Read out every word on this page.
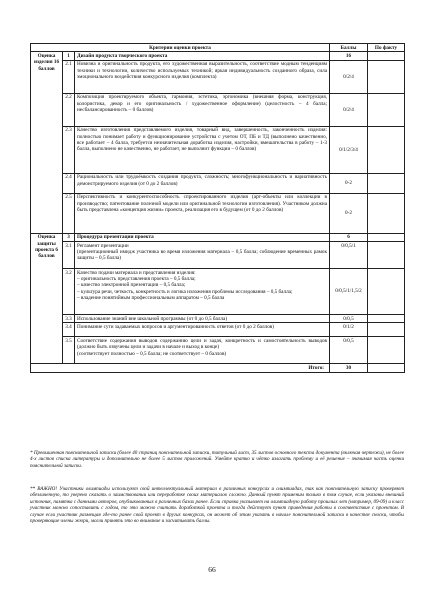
Критерии оценки проекта			Баллы	По факту
Оценка изделия 16 баллов	1	Дизайн продукта творческого проекта	16	
	2.1	Новизна и оригинальность продукта, его художественная выразительность, соответствие модным тенденциям техники и технологии, количество используемых техникой; яркая индивидуальность созданного образа, сила эмоционального воздействия конкурсного изделия (комплекта)	0/2/4	
	2.2	Композиция проектируемого объекта, гармония, эстетика, эргономика (внешняя форма, конструкция, колористика, декор и его оригинальность / художественное оформление) (целостность – 4 балла; несбалансированность – 0 баллов)	0/2/4	
	2.3	Качество изготовления представляемого изделия, товарный вид, завершенность, законченность изделия: полностью понимает работу и функционирование устройства с учетом ОТ, ПБ и ТД (выполнено качественно, все работает – 4 балла, требуется незначительная доработка изделия, настройки, вмешательства в работу – 1-3 балла, выполнено не качественно, не работает, не выполнит функции – 0 баллов)	0/1/2/3/4	
	2.4	Рациональность или трудоёмкость создания продукта, сложность; многофункциональность и вариативность демонстрируемого изделия (от 0 до 2 баллов)	0-2	
	2.5	Перспективность и конкурентоспособность спроектированного изделия (арт-объекты или коллекции в производство; патентование полезной модели или оригинальной технологии изготовления). Участником должна быть представлена «концепция жизни» проекта, реализация его в будущем (от 0 до 2 баллов)	0-2	
Оценка защиты проекта 6 баллов	3	Процедура презентации проекта	6	
	3.1	Регламент презентации
(презентационный имидж участника во время изложения материала – 0,5 балла; соблюдение временных рамок защиты – 0,5 балла)	0/0,5/1	
	3.2	Качество подачи материала и представления изделия:
– оригинальность представления проекта – 0,5 балла;
– качество электронной презентации – 0,5 балла;
– культура речи, четкость, конкретность и логика изложения проблемы исследования – 0,5 балла;
– владение понятийным профессиональным аппаратом – 0,5 балла	0/0,5/1/1,5/2	
	3.3	Использование знаний вне школьной программы (от 0 до 0,5 балла)	0/0,5	
	3.4	Понимание сути задаваемых вопросов и аргументированность ответов (от 0 до 2 баллов)	0/1/2	
	3.5	Соответствие содержания выводов содержанию цели и задач, конкретность и самостоятельность выводов (должно быть озвучены цели и задачи в начале и выход в конце)
(соответствует полностью – 0,5 балла; не соответствует – 0 баллов)	0/0,5	
Итого:			30	

* Превышенная пояснительной записки (более 40 страниц пояснительной записки, титульный лист, 35 листов основного текста документа (включая чертежи), не более 4-х листов списка литературы и дополнительно не более 5 листов приложений. Умейте кратко и чётко излагать проблему и её решение – значимая часть оценки пояснительной записки.

** ВАЖНО! Участники олимпиады используют свой интеллектуальный материал в различных конкурсах и олимпиадах, так как пояснительную записку проверяют обезличенную, то уверено сказать о заимствовании или переработке своих материалов сложно. Данный пункт применим только в том случае, если указаны внешний источник, памятка с данными авторов, опубликованных в различных базах ранее. Если справка указывает на олимпиадную работу прошлых лет (например, 09-09) и класс участник можно сопоставить с годом, то это можно считать доработкой проекта и тогда действует пункт приведения работы в соответствие с проектом. В случае если участник размещая где-то ранее свой проект в других конкурсах, он может об этом указать в начале пояснительной записки в качестве сноски, чтобы проверяющие члены жюри, могли принять это во внимание и засчитывать баллы.

66
